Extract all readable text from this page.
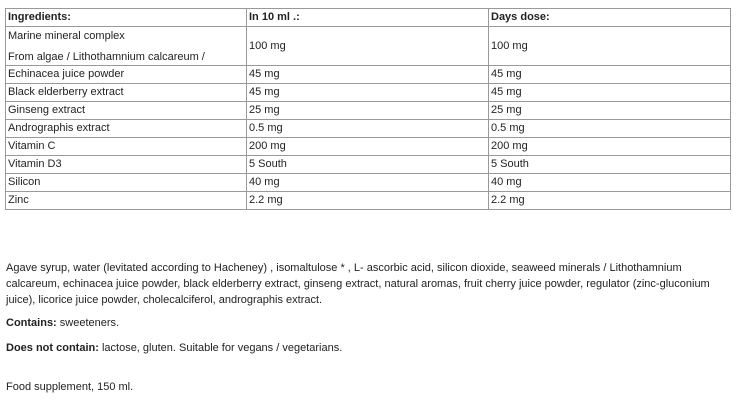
Ingredients:	In 10 ml .:	Days dose:

Marine mineral complex
From algae / Lithothamnium calcareum /	100 mg	100 mg
Echinacea juice powder	45 mg	45 mg
Black elderberry extract	45 mg	45 mg
Ginseng extract	25 mg	25 mg
Andrographis extract	0.5 mg	0.5 mg
Vitamin C	200 mg	200 mg
Vitamin D3	5 South	5 South
Silicon	40 mg	40 mg
Zinc	2.2 mg	2.2 mg
Agave syrup, water (levitated according to Hacheney) , isomaltulose * , L- ascorbic acid, silicon dioxide, seaweed minerals / Lithothamnium calcareum, echinacea juice powder, black elderberry extract, ginseng extract, natural aromas, fruit cherry juice powder, regulator (zinc-gluconium juice), licorice juice powder, cholecalciferol, andrographis extract.
Contains: sweeteners.
Does not contain: lactose, gluten. Suitable for vegans / vegetarians.
Food supplement, 150 ml.
